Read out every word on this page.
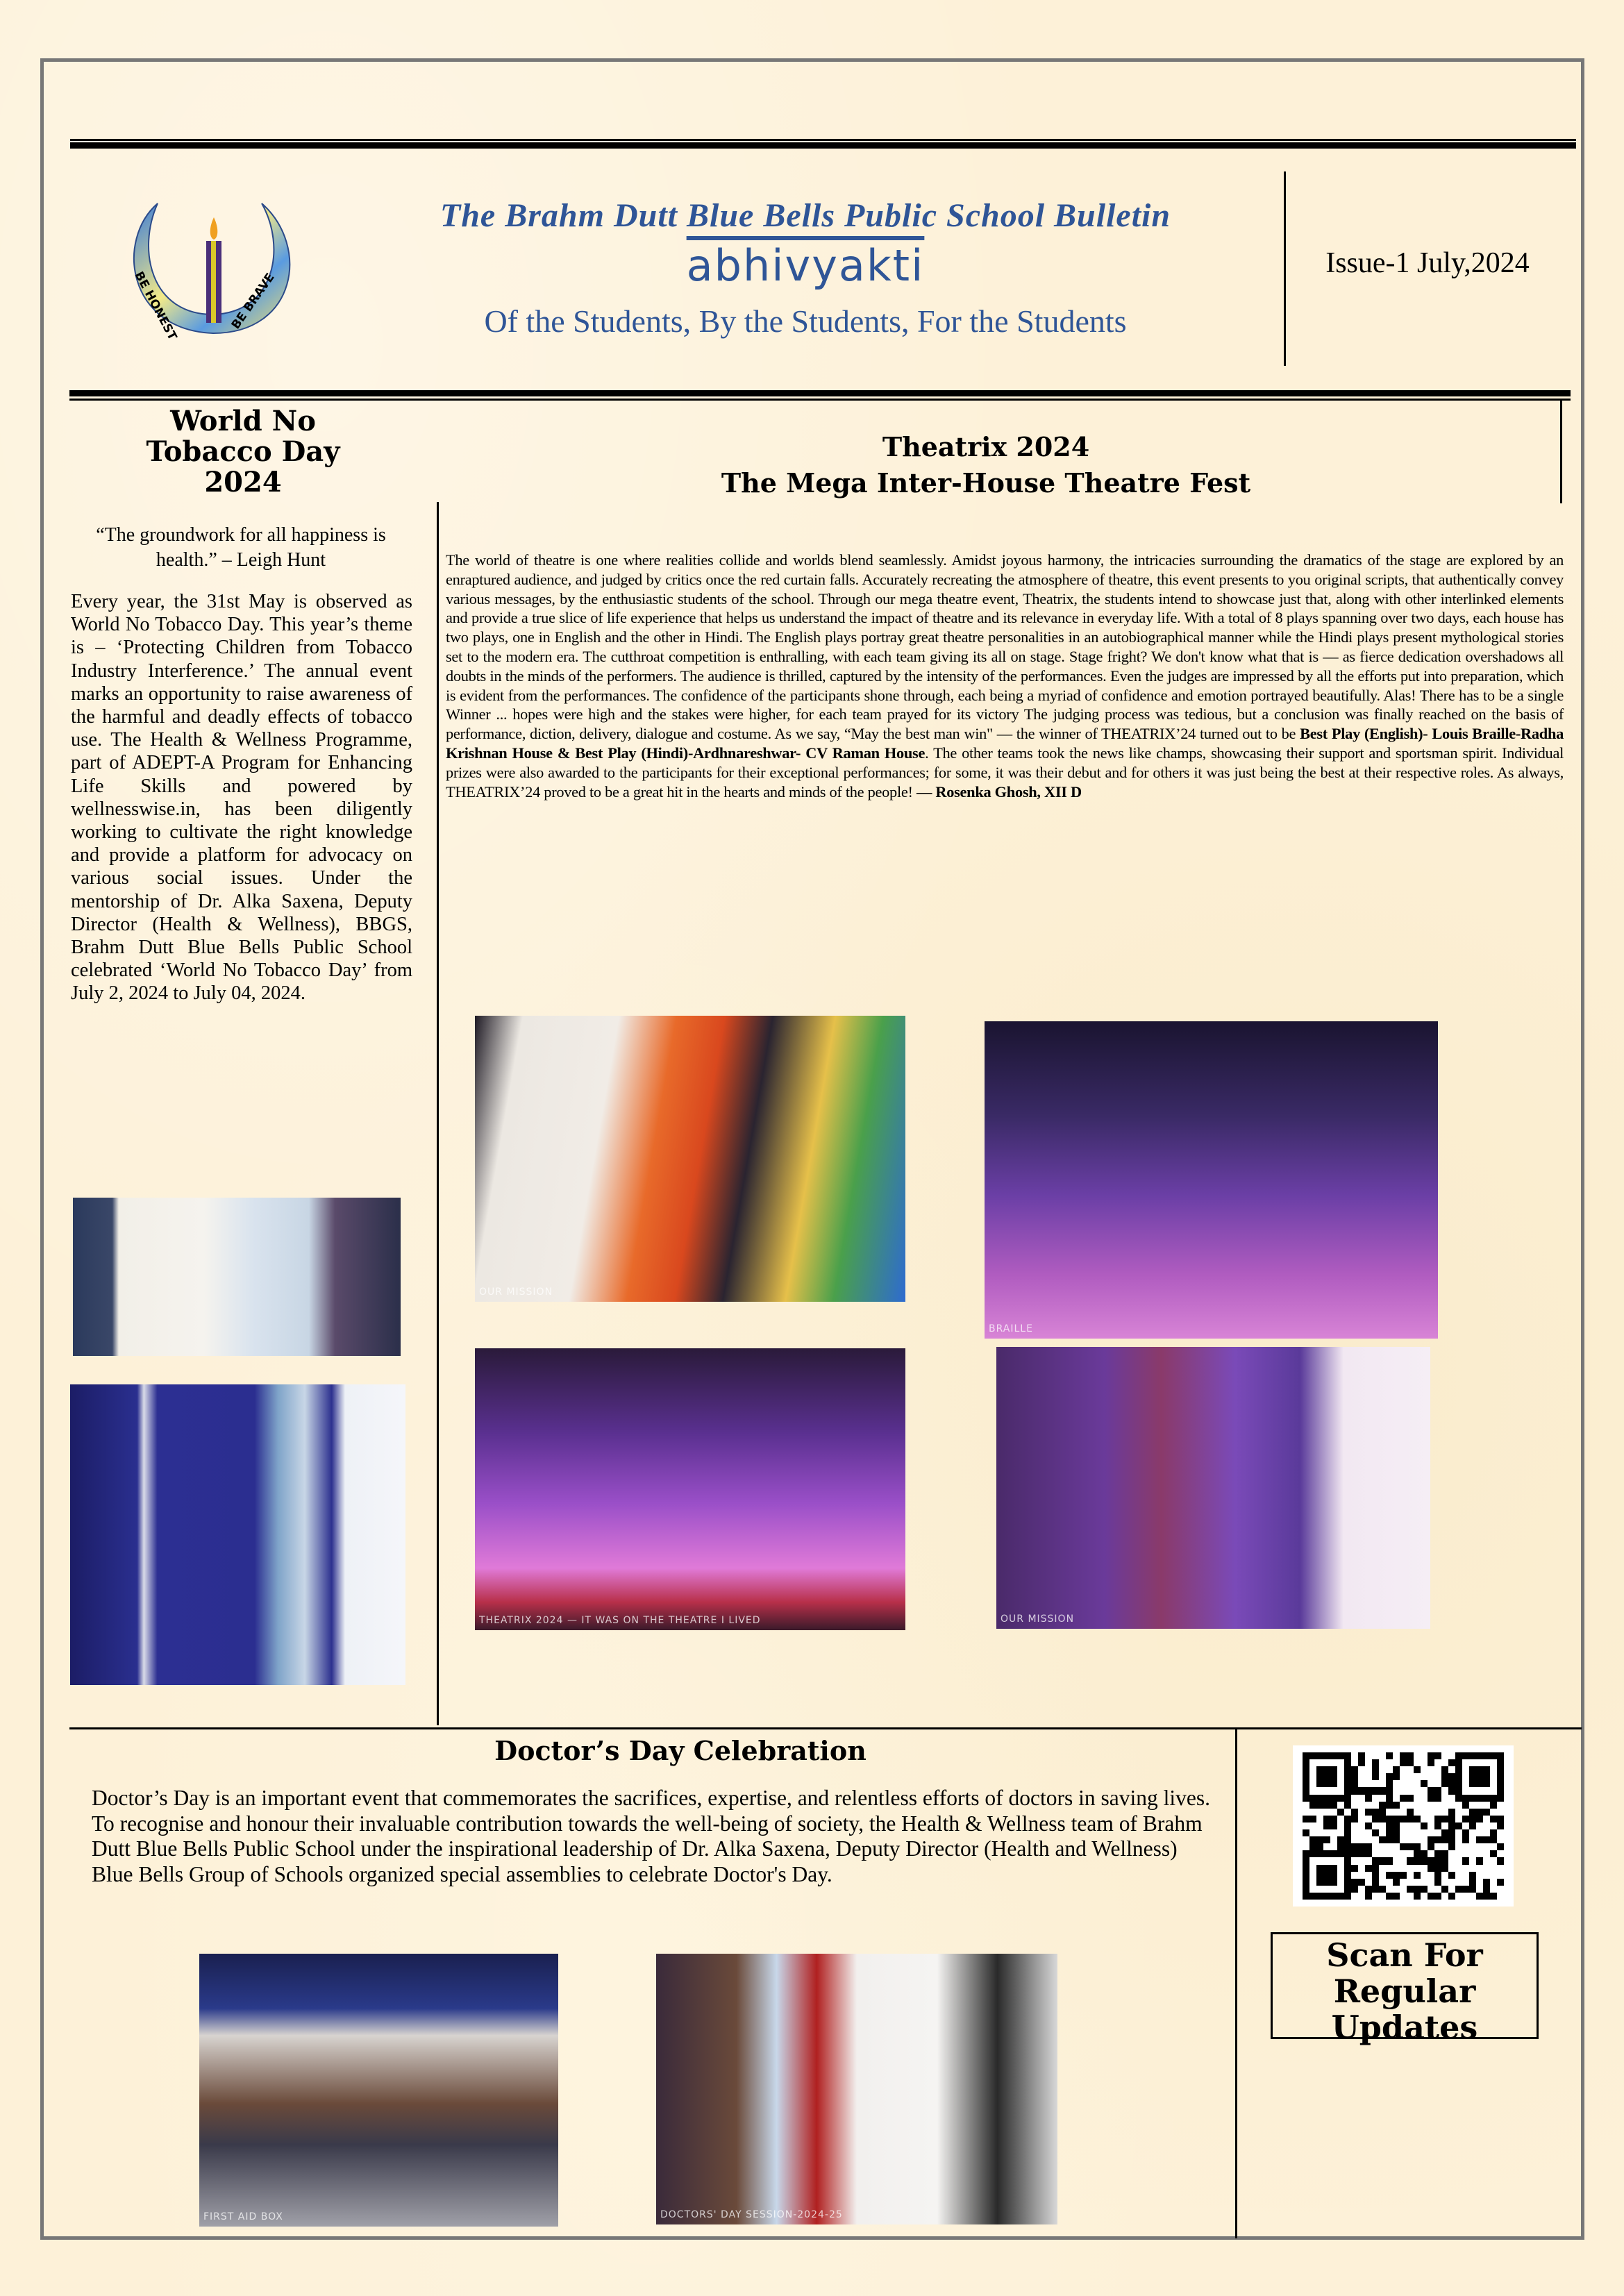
BE HONEST	BE BRAVE
The Brahm Dutt Blue Bells Public School Bulletin
abhivyakti
Of the Students, By the Students, For the Students
Issue-1 July,2024
World No
Tobacco Day
2024
“The groundwork for all happiness is health.” – Leigh Hunt
Every year, the 31st May is observed as World No Tobacco Day. This year’s theme is – ‘Protecting Children from Tobacco Industry Interference.’ The annual event marks an opportunity to raise awareness of the harmful and deadly effects of tobacco use. The Health & Wellness Programme, part of ADEPT-A Program for Enhancing Life Skills and powered by wellnesswise.in, has been diligently working to cultivate the right knowledge and provide a platform for advocacy on various social issues. Under the mentorship of Dr. Alka Saxena, Deputy Director (Health & Wellness), BBGS, Brahm Dutt Blue Bells Public School celebrated ‘World No Tobacco Day’ from July 2, 2024 to July 04, 2024.
Theatrix 2024
The Mega Inter-House Theatre Fest
The world of theatre is one where realities collide and worlds blend seamlessly. Amidst joyous harmony, the intricacies surrounding the dramatics of the stage are explored by an enraptured audience, and judged by critics once the red curtain falls. Accurately recreating the atmosphere of theatre, this event presents to you original scripts, that authentically convey various messages, by the enthusiastic students of the school. Through our mega theatre event, Theatrix, the students intend to showcase just that, along with other interlinked elements and provide a true slice of life experience that helps us understand the impact of theatre and its relevance in everyday life. With a total of 8 plays spanning over two days, each house has two plays, one in English and the other in Hindi. The English plays portray great theatre personalities in an autobiographical manner while the Hindi plays present mythological stories set to the modern era. The cutthroat competition is enthralling, with each team giving its all on stage. Stage fright? We don't know what that is — as fierce dedication overshadows all doubts in the minds of the performers. The audience is thrilled, captured by the intensity of the performances. Even the judges are impressed by all the efforts put into preparation, which is evident from the performances. The confidence of the participants shone through, each being a myriad of confidence and emotion portrayed beautifully. Alas! There has to be a single Winner ... hopes were high and the stakes were higher, for each team prayed for its victory The judging process was tedious, but a conclusion was finally reached on the basis of performance, diction, delivery, dialogue and costume. As we say, “May the best man win" — the winner of THEATRIX’24 turned out to be Best Play (English)- Louis Braille-Radha Krishnan House & Best Play (Hindi)-Ardhnareshwar- CV Raman House. The other teams took the news like champs, showcasing their support and sportsman spirit. Individual prizes were also awarded to the participants for their exceptional performances; for some, it was their debut and for others it was just being the best at their respective roles. As always, THEATRIX’24 proved to be a great hit in the hearts and minds of the people! — Rosenka Ghosh, XII D
OUR MISSION
BRAILLE
THEATRIX 2024 — IT WAS ON THE THEATRE I LIVED	OUR MISSION
Doctor’s Day Celebration
Doctor’s Day is an important event that commemorates the sacrifices, expertise, and relentless efforts of doctors in saving lives. To recognise and honour their invaluable contribution towards the well-being of society, the Health & Wellness team of Brahm Dutt Blue Bells Public School under the inspirational leadership of Dr. Alka Saxena, Deputy Director (Health and Wellness) Blue Bells Group of Schools organized special assemblies to celebrate Doctor's Day.
FIRST AID BOX	DOCTORS' DAY SESSION-2024-25
Scan For
Regular
Updates
